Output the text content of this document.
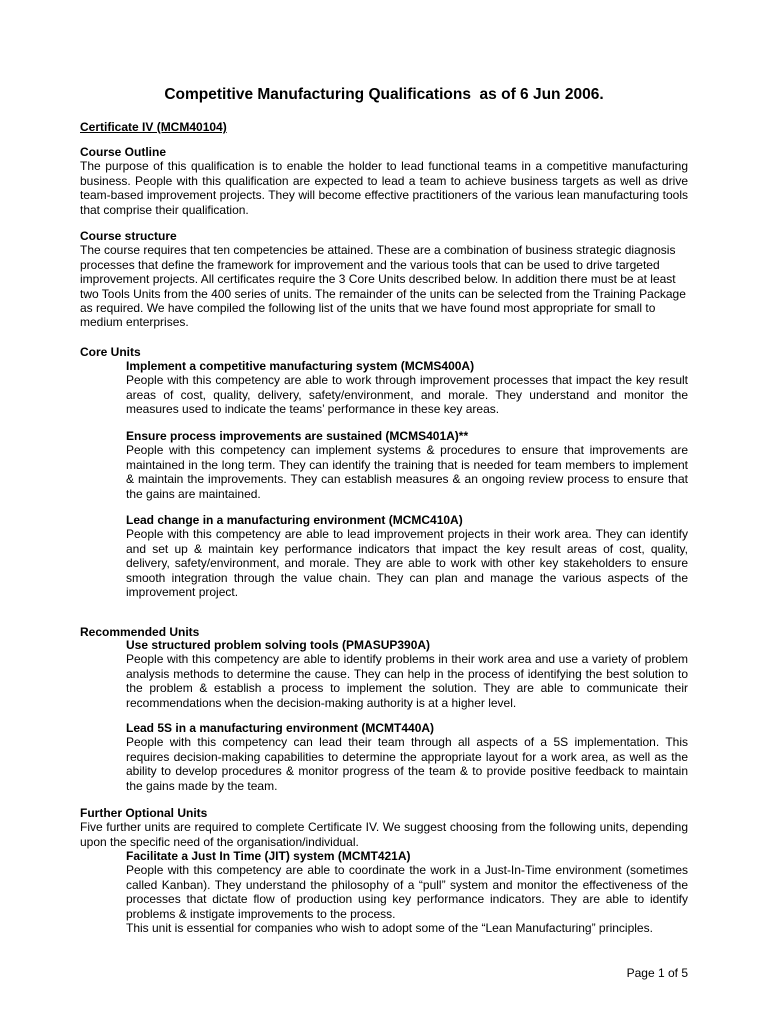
Competitive Manufacturing Qualifications  as of 6 Jun 2006.
Certificate IV (MCM40104)
Course Outline
The purpose of this qualification is to enable the holder to lead functional teams in a competitive manufacturing business. People with this qualification are expected to lead a team to achieve business targets as well as drive team-based improvement projects. They will become effective practitioners of the various lean manufacturing tools that comprise their qualification.
Course structure
The course requires that ten competencies be attained. These are a combination of business strategic diagnosis processes that define the framework for improvement and the various tools that can be used to drive targeted improvement projects. All certificates require the 3 Core Units described below. In addition there must be at least two Tools Units from the 400 series of units. The remainder of the units can be selected from the Training Package as required. We have compiled the following list of the units that we have found most appropriate for small to medium enterprises.
Core Units
Implement a competitive manufacturing system (MCMS400A)
People with this competency are able to work through improvement processes that impact the key result areas of cost, quality, delivery, safety/environment, and morale. They understand and monitor the measures used to indicate the teams’ performance in these key areas.
Ensure process improvements are sustained (MCMS401A)**
People with this competency can implement systems & procedures to ensure that improvements are maintained in the long term. They can identify the training that is needed for team members to implement & maintain the improvements. They can establish measures & an ongoing review process to ensure that the gains are maintained.
Lead change in a manufacturing environment (MCMC410A)
People with this competency are able to lead improvement projects in their work area. They can identify and set up & maintain key performance indicators that impact the key result areas of cost, quality, delivery, safety/environment, and morale. They are able to work with other key stakeholders to ensure smooth integration through the value chain. They can plan and manage the various aspects of the improvement project.
Recommended Units
Use structured problem solving tools (PMASUP390A)
People with this competency are able to identify problems in their work area and use a variety of problem analysis methods to determine the cause. They can help in the process of identifying the best solution to the problem & establish a process to implement the solution. They are able to communicate their recommendations when the decision-making authority is at a higher level.
Lead 5S in a manufacturing environment (MCMT440A)
People with this competency can lead their team through all aspects of a 5S implementation. This requires decision-making capabilities to determine the appropriate layout for a work area, as well as the ability to develop procedures & monitor progress of the team & to provide positive feedback to maintain the gains made by the team.
Further Optional Units
Five further units are required to complete Certificate IV. We suggest choosing from the following units, depending upon the specific need of the organisation/individual.
Facilitate a Just In Time (JIT) system (MCMT421A)
People with this competency are able to coordinate the work in a Just-In-Time environment (sometimes called Kanban). They understand the philosophy of a “pull” system and monitor the effectiveness of the processes that dictate flow of production using key performance indicators. They are able to identify problems & instigate improvements to the process.
This unit is essential for companies who wish to adopt some of the “Lean Manufacturing” principles.
Page 1 of 5
